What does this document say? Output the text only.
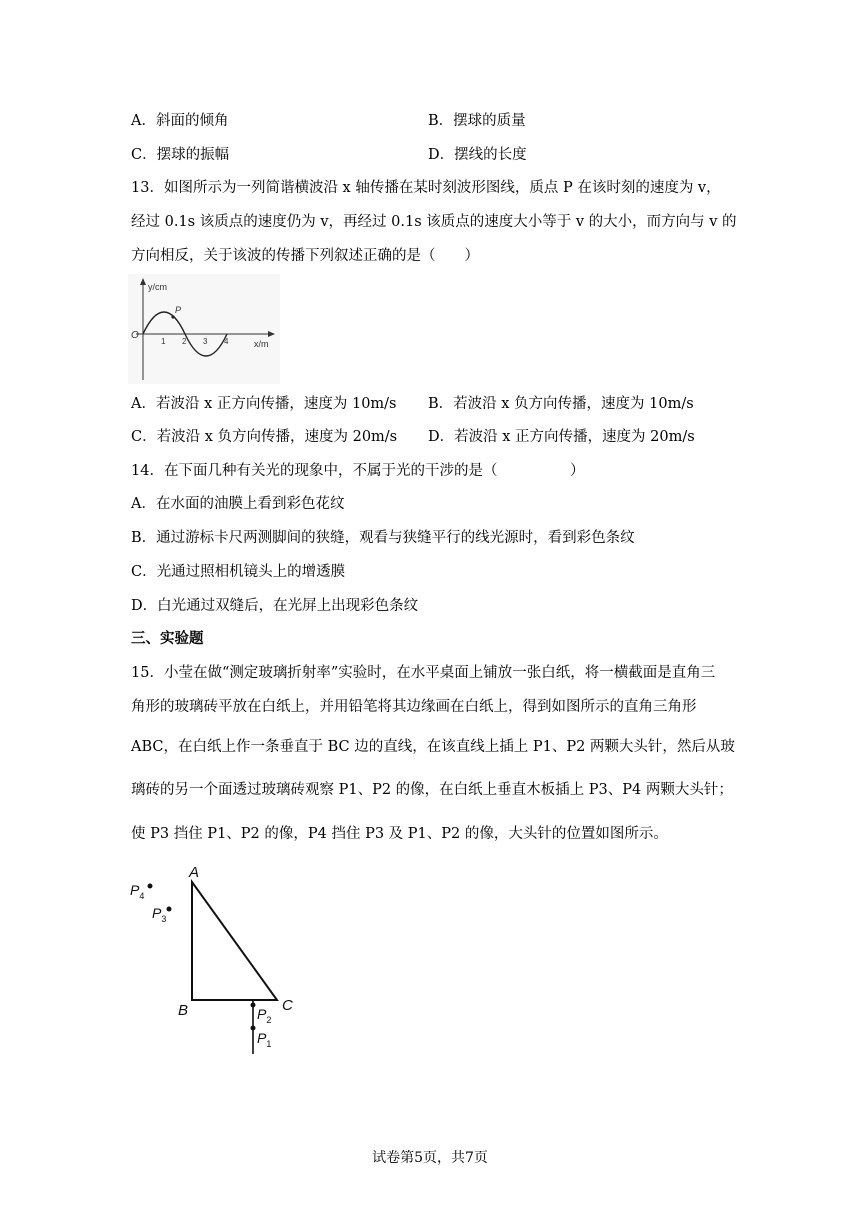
A．斜面的倾角	B．摆球的质量
C．摆球的振幅	D．摆线的长度
13．如图所示为一列简谐横波沿 x 轴传播在某时刻波形图线，质点 P 在该时刻的速度为 v，
经过 0.1s 该质点的速度仍为 v，再经过 0.1s 该质点的速度大小等于 v 的大小，而方向与 v 的
方向相反，关于该波的传播下列叙述正确的是（　　）
y/cm
x/m
O
P
1 2 3 4
A．若波沿 x 正方向传播，速度为 10m/s B．若波沿 x 负方向传播，速度为 10m/s
C．若波沿 x 负方向传播，速度为 20m/s D．若波沿 x 正方向传播，速度为 20m/s
14．在下面几种有关光的现象中，不属于光的干涉的是（　　　　　）
A．在水面的油膜上看到彩色花纹
B．通过游标卡尺两测脚间的狭缝，观看与狭缝平行的线光源时，看到彩色条纹
C．光通过照相机镜头上的增透膜
D．白光通过双缝后，在光屏上出现彩色条纹
三、实验题
15．小莹在做“测定玻璃折射率”实验时，在水平桌面上铺放一张白纸，将一横截面是直角三
角形的玻璃砖平放在白纸上，并用铅笔将其边缘画在白纸上，得到如图所示的直角三角形
ABC，在白纸上作一条垂直于 BC 边的直线，在该直线上插上 P1、P2 两颗大头针，然后从玻
璃砖的另一个面透过玻璃砖观察 P1、P2 的像，在白纸上垂直木板插上 P3、P4 两颗大头针；
使 P3 挡住 P1、P2 的像，P4 挡住 P3 及 P1、P2 的像，大头针的位置如图所示。
A
B	C
$P_4$
$P_3$
$P_2$
$P_1$
试卷第5页，共7页
